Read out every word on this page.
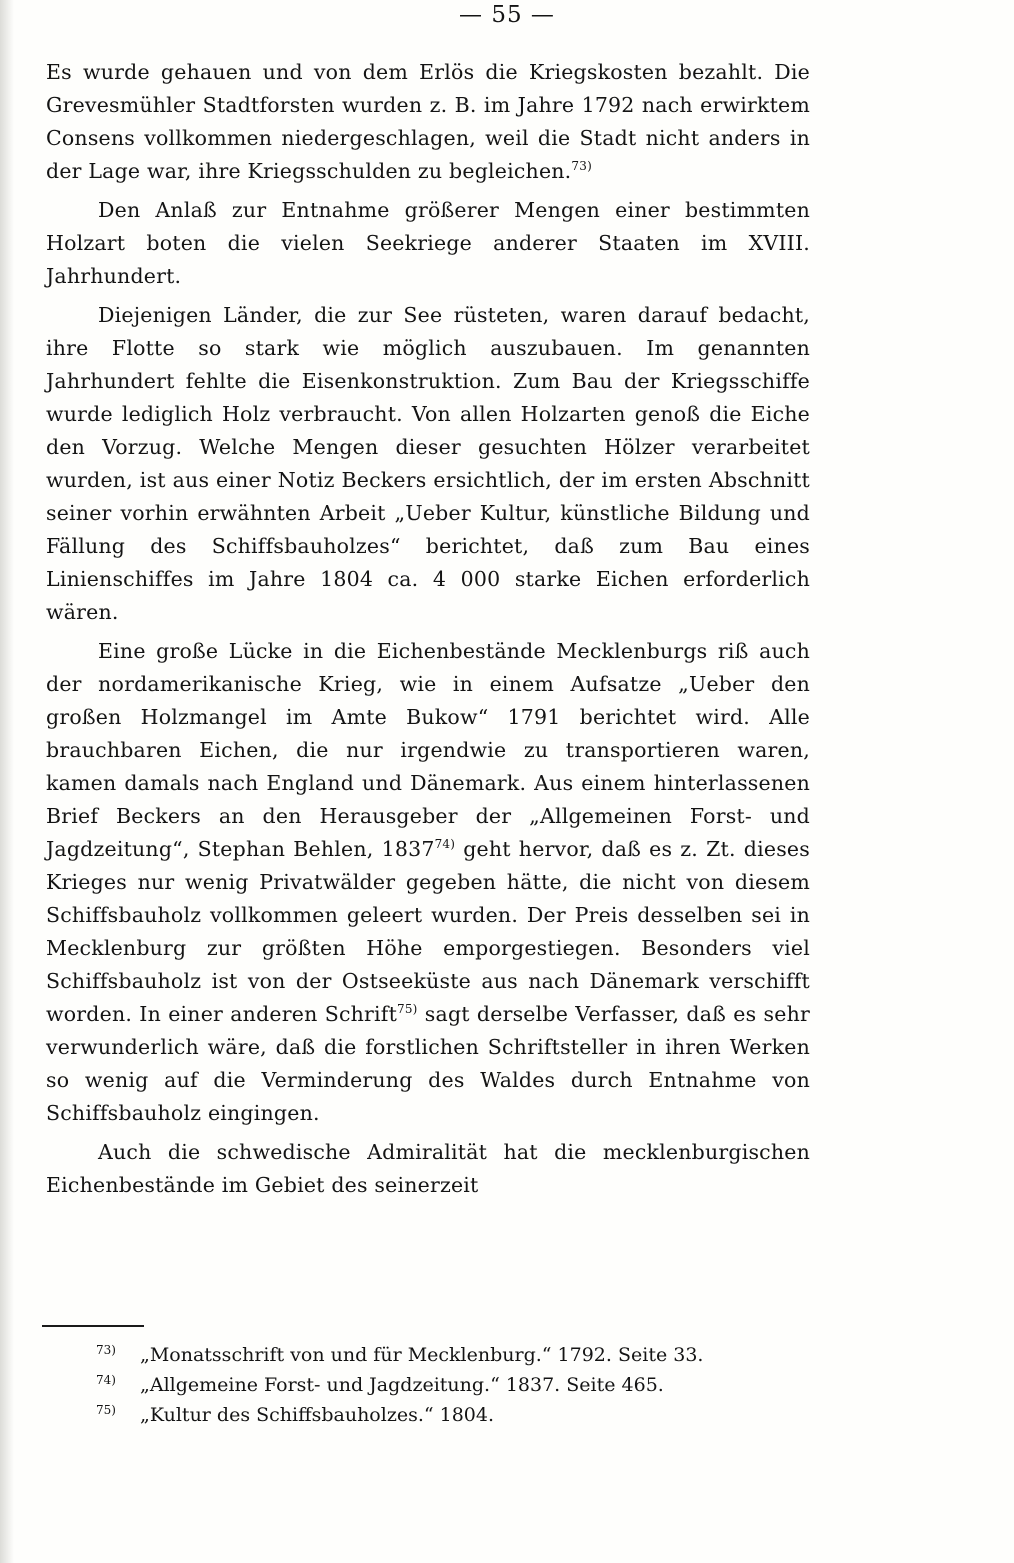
— 55 —

Es wurde gehauen und von dem Erlös die Kriegskosten bezahlt. Die Grevesmühler Stadtforsten wurden z. B. im Jahre 1792 nach erwirktem Consens vollkommen niedergeschlagen, weil die Stadt nicht anders in der Lage war, ihre Kriegsschulden zu begleichen.$^{73)}$

Den Anlaß zur Entnahme größerer Mengen einer bestimmten Holzart boten die vielen Seekriege anderer Staaten im XVIII. Jahrhundert.

Diejenigen Länder, die zur See rüsteten, waren darauf bedacht, ihre Flotte so stark wie möglich auszubauen. Im genannten Jahrhundert fehlte die Eisenkonstruktion. Zum Bau der Kriegsschiffe wurde lediglich Holz verbraucht. Von allen Holzarten genoß die Eiche den Vorzug. Welche Mengen dieser gesuchten Hölzer verarbeitet wurden, ist aus einer Notiz Beckers ersichtlich, der im ersten Abschnitt seiner vorhin erwähnten Arbeit „Ueber Kultur, künstliche Bildung und Fällung des Schiffsbauholzes“ berichtet, daß zum Bau eines Linienschiffes im Jahre 1804 ca. 4 000 starke Eichen erforderlich wären.

Eine große Lücke in die Eichenbestände Mecklenburgs riß auch der nordamerikanische Krieg, wie in einem Aufsatze „Ueber den großen Holzmangel im Amte Bukow“ 1791 berichtet wird. Alle brauchbaren Eichen, die nur irgendwie zu transportieren waren, kamen damals nach England und Dänemark. Aus einem hinterlassenen Brief Beckers an den Herausgeber der „Allgemeinen Forst- und Jagdzeitung“, Stephan Behlen, 1837$^{74)}$ geht hervor, daß es z. Zt. dieses Krieges nur wenig Privatwälder gegeben hätte, die nicht von diesem Schiffsbauholz vollkommen geleert wurden. Der Preis desselben sei in Mecklenburg zur größten Höhe emporgestiegen. Besonders viel Schiffsbauholz ist von der Ostseeküste aus nach Dänemark verschifft worden. In einer anderen Schrift$^{75)}$ sagt derselbe Verfasser, daß es sehr verwunderlich wäre, daß die forstlichen Schriftsteller in ihren Werken so wenig auf die Verminderung des Waldes durch Entnahme von Schiffsbauholz eingingen.

Auch die schwedische Admiralität hat die mecklenburgischen Eichenbestände im Gebiet des seinerzeit

73) „Monatsschrift von und für Mecklenburg.“ 1792. Seite 33.
74) „Allgemeine Forst- und Jagdzeitung.“ 1837. Seite 465.
75) „Kultur des Schiffsbauholzes.“ 1804.
